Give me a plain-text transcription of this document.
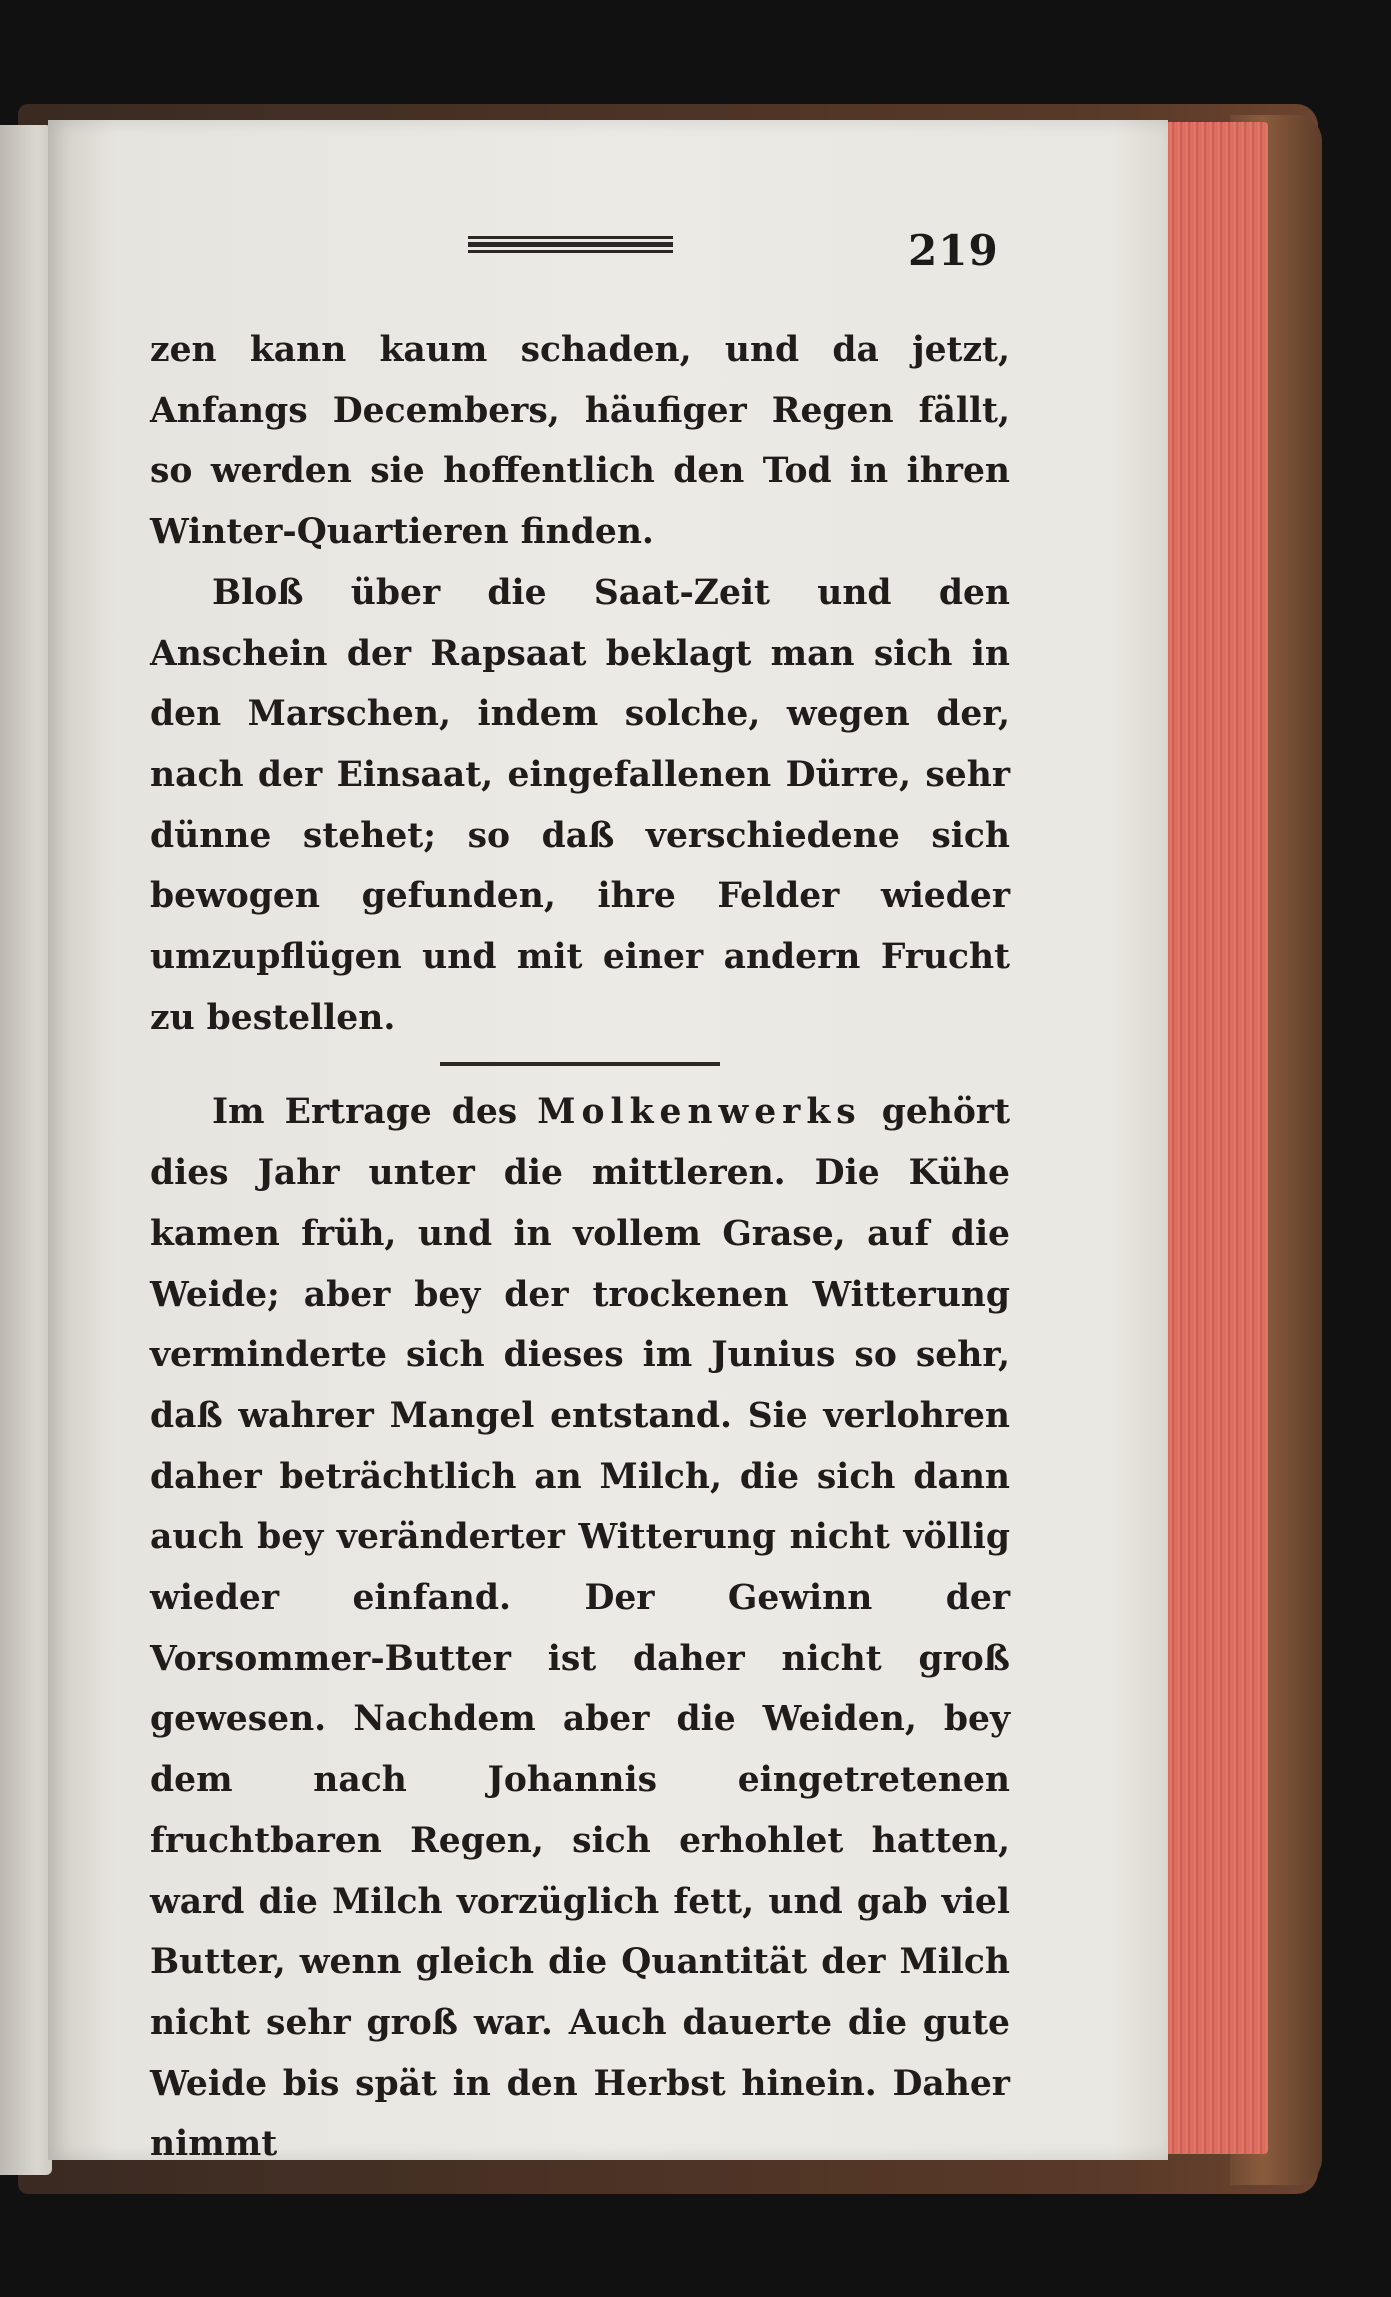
219

zen kann kaum schaden, und da jetzt, Anfangs Decembers, häufiger Regen fällt, so werden sie hoffentlich den Tod in ihren Winter-Quartieren finden.

Bloß über die Saat-Zeit und den Anschein der Rapsaat beklagt man sich in den Marschen, indem solche, wegen der, nach der Einsaat, eingefallenen Dürre, sehr dünne stehet; so daß verschiedene sich bewogen gefunden, ihre Felder wieder umzupflügen und mit einer andern Frucht zu bestellen.

Im Ertrage des Molkenwerks gehört dies Jahr unter die mittleren. Die Kühe kamen früh, und in vollem Grase, auf die Weide; aber bey der trockenen Witterung verminderte sich dieses im Junius so sehr, daß wahrer Mangel entstand. Sie verlohren daher beträchtlich an Milch, die sich dann auch bey veränderter Witterung nicht völlig wieder einfand. Der Gewinn der Vorsommer-Butter ist daher nicht groß gewesen. Nachdem aber die Weiden, bey dem nach Johannis eingetretenen fruchtbaren Regen, sich erhohlet hatten, ward die Milch vorzüglich fett, und gab viel Butter, wenn gleich die Quantität der Milch nicht sehr groß war. Auch dauerte die gute Weide bis spät in den Herbst hinein. Daher nimmt
